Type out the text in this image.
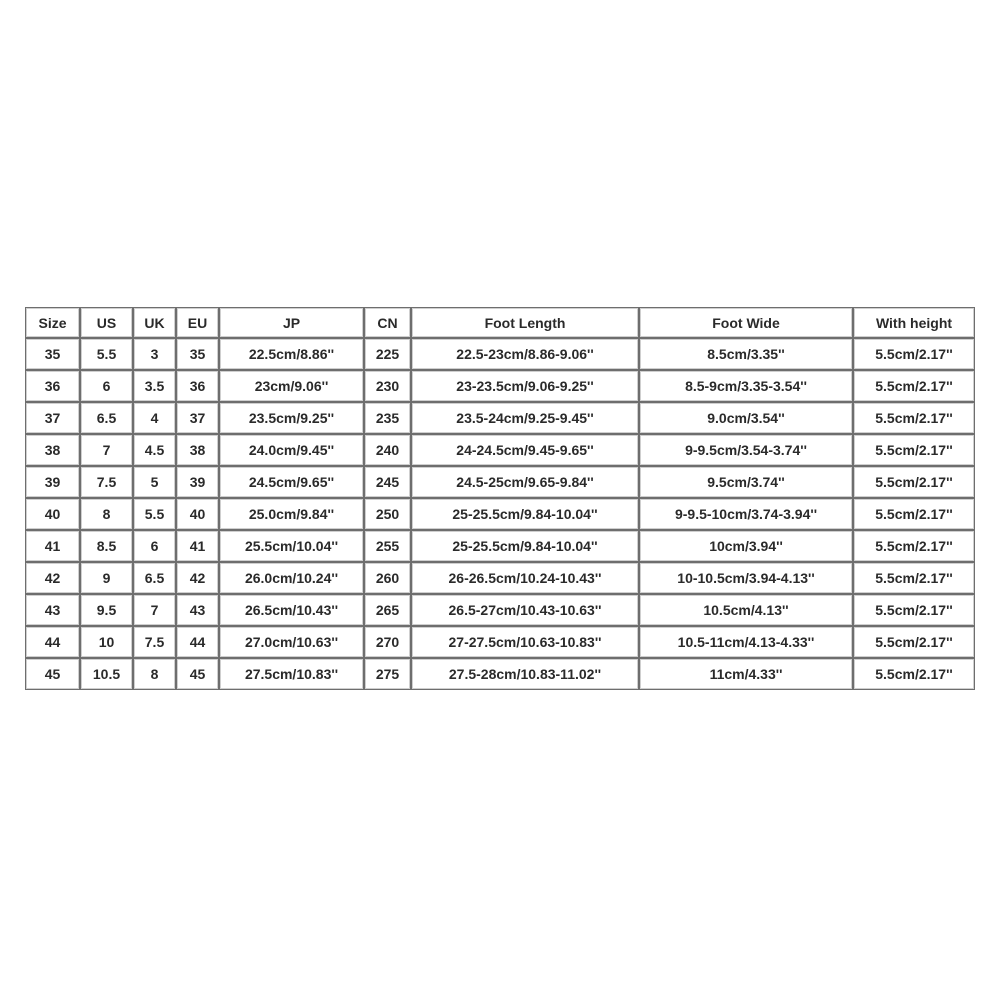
Size	US	UK	EU	JP	CN	Foot Length	Foot Wide	With height
35	5.5	3	35	22.5cm/8.86''	225	22.5-23cm/8.86-9.06''	8.5cm/3.35''	5.5cm/2.17''
36	6	3.5	36	23cm/9.06''	230	23-23.5cm/9.06-9.25''	8.5-9cm/3.35-3.54''	5.5cm/2.17''
37	6.5	4	37	23.5cm/9.25''	235	23.5-24cm/9.25-9.45''	9.0cm/3.54''	5.5cm/2.17''
38	7	4.5	38	24.0cm/9.45''	240	24-24.5cm/9.45-9.65''	9-9.5cm/3.54-3.74''	5.5cm/2.17''
39	7.5	5	39	24.5cm/9.65''	245	24.5-25cm/9.65-9.84''	9.5cm/3.74''	5.5cm/2.17''
40	8	5.5	40	25.0cm/9.84''	250	25-25.5cm/9.84-10.04''	9-9.5-10cm/3.74-3.94''	5.5cm/2.17''
41	8.5	6	41	25.5cm/10.04''	255	25-25.5cm/9.84-10.04''	10cm/3.94''	5.5cm/2.17''
42	9	6.5	42	26.0cm/10.24''	260	26-26.5cm/10.24-10.43''	10-10.5cm/3.94-4.13''	5.5cm/2.17''
43	9.5	7	43	26.5cm/10.43''	265	26.5-27cm/10.43-10.63''	10.5cm/4.13''	5.5cm/2.17''
44	10	7.5	44	27.0cm/10.63''	270	27-27.5cm/10.63-10.83''	10.5-11cm/4.13-4.33''	5.5cm/2.17''
45	10.5	8	45	27.5cm/10.83''	275	27.5-28cm/10.83-11.02''	11cm/4.33''	5.5cm/2.17''
